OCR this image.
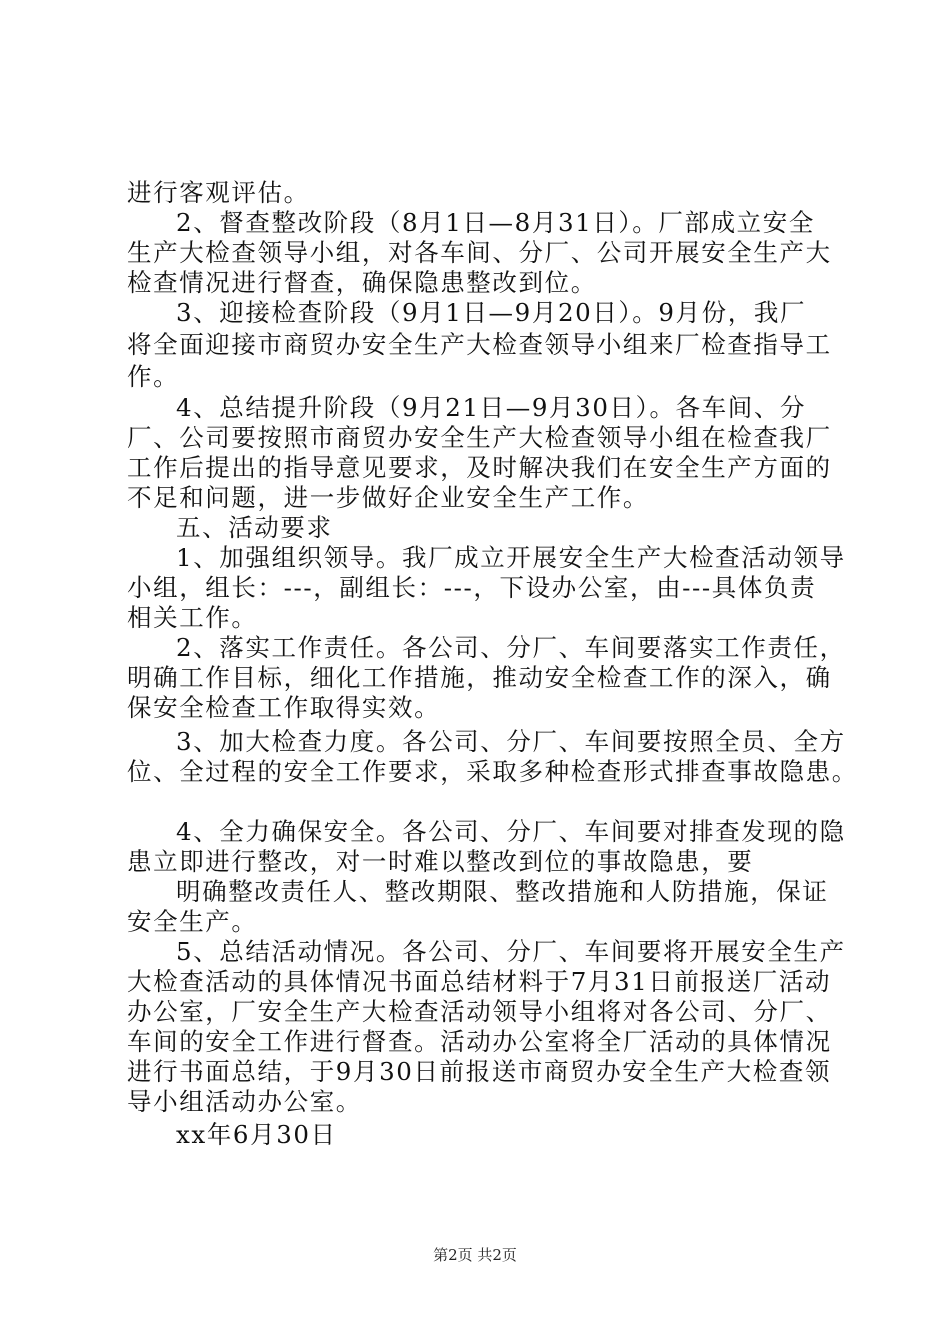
进行客观评估。
2、督查整改阶段（8月1日—8月31日）。厂部成立安全
生产大检查领导小组，对各车间、分厂、公司开展安全生产大
检查情况进行督查，确保隐患整改到位。
3、迎接检查阶段（9月1日—9月20日）。9月份，我厂
将全面迎接市商贸办安全生产大检查领导小组来厂检查指导工
作。
4、总结提升阶段（9月21日—9月30日）。各车间、分
厂、公司要按照市商贸办安全生产大检查领导小组在检查我厂
工作后提出的指导意见要求，及时解决我们在安全生产方面的
不足和问题，进一步做好企业安全生产工作。
五、活动要求
1、加强组织领导。我厂成立开展安全生产大检查活动领导
小组，组长：---，副组长：---，下设办公室，由---具体负责
相关工作。
2、落实工作责任。各公司、分厂、车间要落实工作责任，
明确工作目标，细化工作措施，推动安全检查工作的深入，确
保安全检查工作取得实效。
3、加大检查力度。各公司、分厂、车间要按照全员、全方
位、全过程的安全工作要求，采取多种检查形式排查事故隐患。
4、全力确保安全。各公司、分厂、车间要对排查发现的隐
患立即进行整改，对一时难以整改到位的事故隐患，要
明确整改责任人、整改期限、整改措施和人防措施，保证
安全生产。
5、总结活动情况。各公司、分厂、车间要将开展安全生产
大检查活动的具体情况书面总结材料于7月31日前报送厂活动
办公室，厂安全生产大检查活动领导小组将对各公司、分厂、
车间的安全工作进行督查。活动办公室将全厂活动的具体情况
进行书面总结，于9月30日前报送市商贸办安全生产大检查领
导小组活动办公室。
xx年6月30日
第2页 共2页
